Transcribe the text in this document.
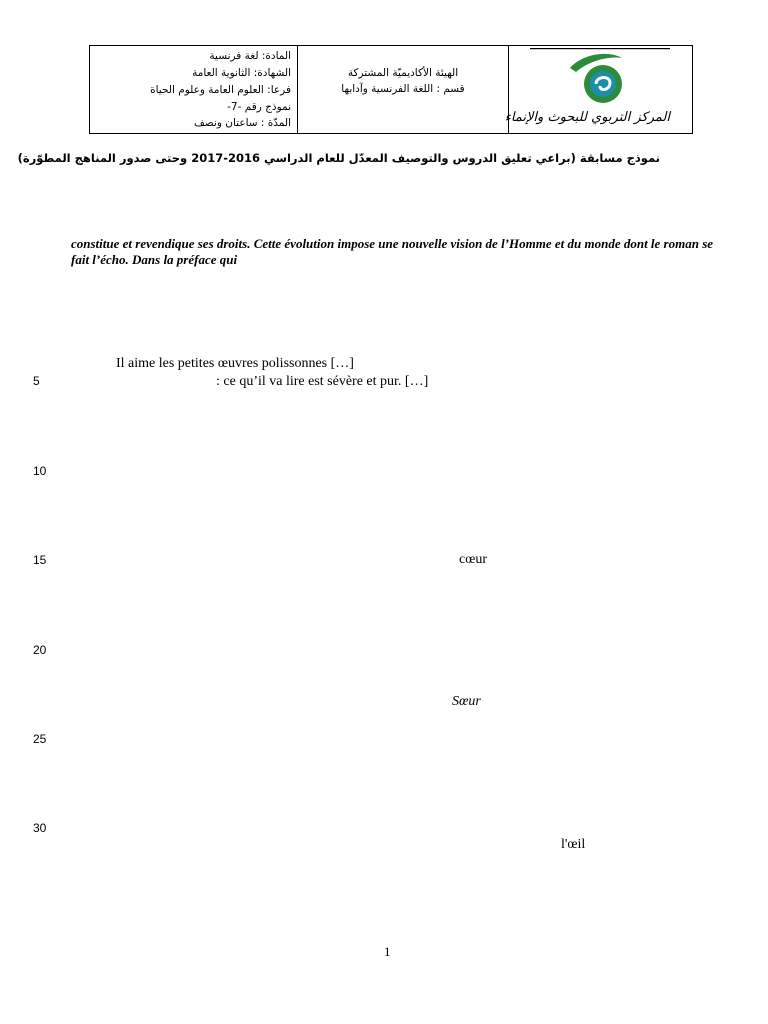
المادة: لغة فرنسية
الشهادة: الثانوية العامة
فرعا: العلوم العامة وعلوم الحياة
نموذج رقم -7-
المدّة : ساعتان ونصف
الهيئة الأكاديميّة المشتركة
قسم : اللغة الفرنسية وآدابها
المركز التربوي للبحوث والإنماء
نموذج مسابقة (براعي تعليق الدروس والتوصيف المعدّل للعام الدراسي 2016-2017 وحتى صدور المناهج المطوّرة)
constitue et revendique ses droits. Cette évolution impose une nouvelle vision de l’Homme et du monde dont le roman se fait l’écho. Dans la préface qui
5
10
15
20
25
30
Il aime les petites œuvres polissonnes […]
: ce qu’il va lire est sévère et pur. […]
cœur
Sœur
l'œil
1
